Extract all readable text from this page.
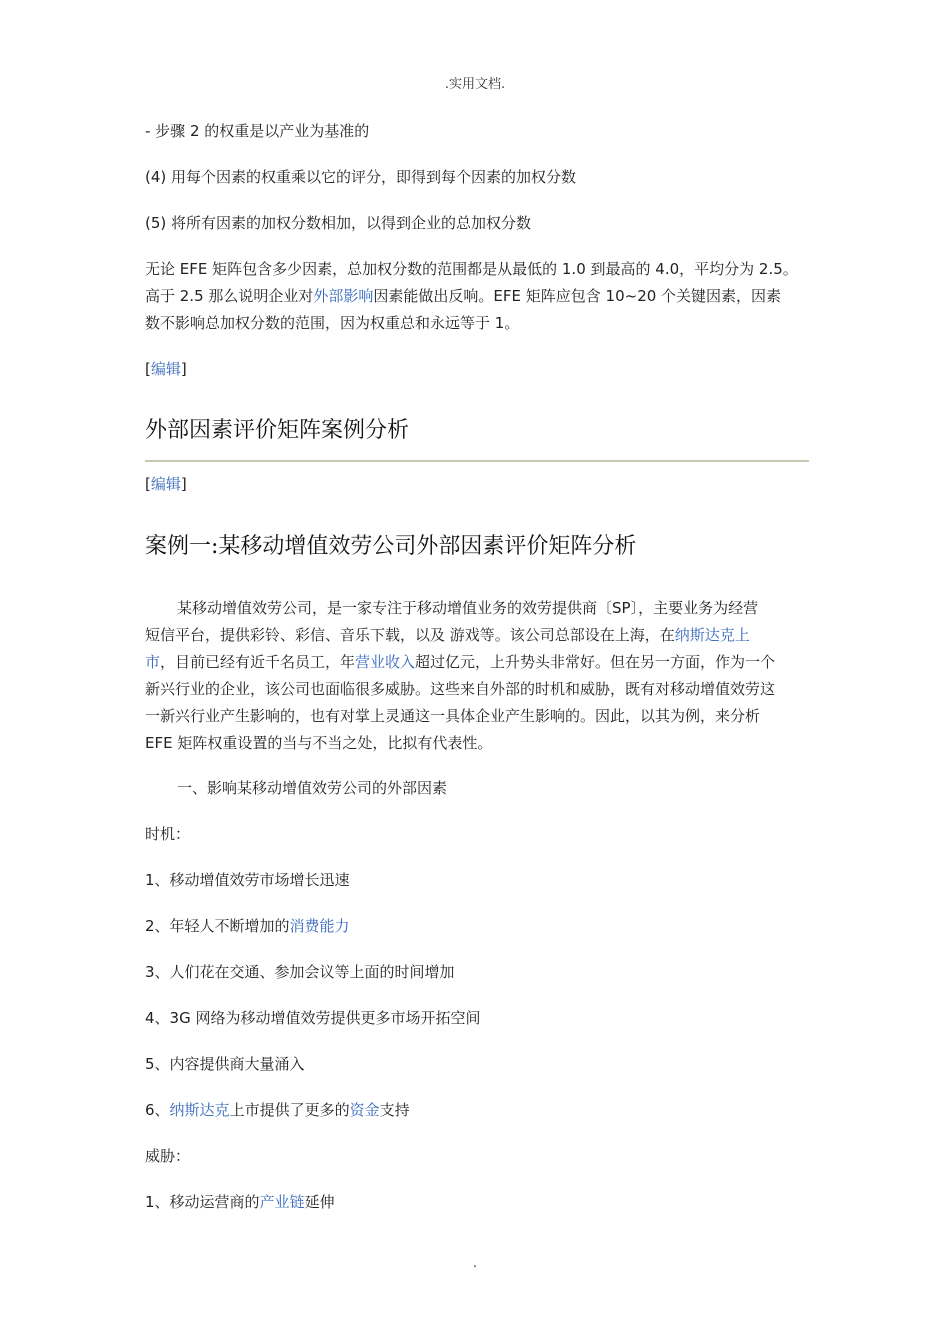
.实用文档.
- 步骤 2 的权重是以产业为基准的
(4) 用每个因素的权重乘以它的评分，即得到每个因素的加权分数
(5) 将所有因素的加权分数相加，以得到企业的总加权分数
无论 EFE 矩阵包含多少因素，总加权分数的范围都是从最低的 1.0 到最高的 4.0，平均分为 2.5。
高于 2.5 那么说明企业对外部影响因素能做出反响。EFE 矩阵应包含 10~20 个关键因素，因素
数不影响总加权分数的范围，因为权重总和永远等于 1。
[编辑]
外部因素评价矩阵案例分析
[编辑]
案例一:某移动增值效劳公司外部因素评价矩阵分析
某移动增值效劳公司，是一家专注于移动增值业务的效劳提供商〔SP〕，主要业务为经营
短信平台，提供彩铃、彩信、音乐下载，以及 游戏等。该公司总部设在上海，在纳斯达克上
市，目前已经有近千名员工，年营业收入超过亿元，上升势头非常好。但在另一方面，作为一个
新兴行业的企业，该公司也面临很多威胁。这些来自外部的时机和威胁，既有对移动增值效劳这
一新兴行业产生影响的，也有对掌上灵通这一具体企业产生影响的。因此，以其为例，来分析
EFE 矩阵权重设置的当与不当之处，比拟有代表性。
一、影响某移动增值效劳公司的外部因素
时机：
1、移动增值效劳市场增长迅速
2、年轻人不断增加的消费能力
3、人们花在交通、参加会议等上面的时间增加
4、3G 网络为移动增值效劳提供更多市场开拓空间
5、内容提供商大量涌入
6、纳斯达克上市提供了更多的资金支持
威胁：
1、移动运营商的产业链延伸
.
